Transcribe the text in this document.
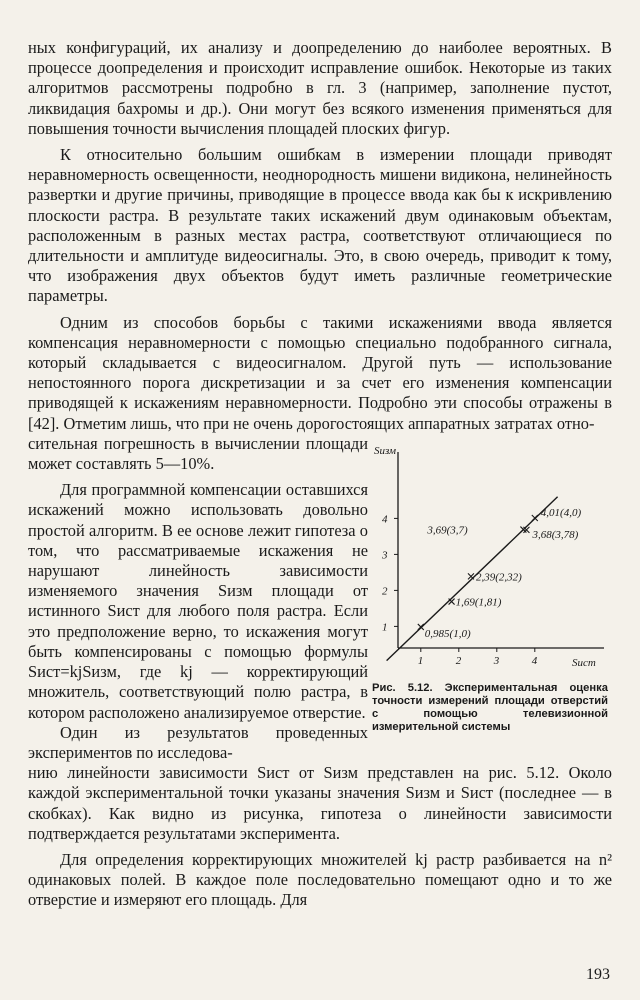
ных конфигураций, их анализу и доопределению до наиболее вероятных. В процессе доопределения и происходит исправление ошибок. Некоторые из таких алгоритмов рассмотрены подробно в гл. 3 (например, заполнение пустот, ликвидация бахромы и др.). Они могут без всякого изменения применяться для повышения точности вычисления площадей плоских фигур.

К относительно большим ошибкам в измерении площади приводят неравномерность освещенности, неоднородность мишени видикона, нелинейность развертки и другие причины, приводящие в процессе ввода как бы к искривлению плоскости растра. В результате таких искажений двум одинаковым объектам, расположенным в разных местах растра, соответствуют отличающиеся по длительности и амплитуде видеосигналы. Это, в свою очередь, приводит к тому, что изображения двух объектов будут иметь различные геометрические параметры.

Одним из способов борьбы с такими искажениями ввода является компенсация неравномерности с помощью специально подобранного сигнала, который складывается с видеосигналом. Другой путь — использование непостоянного порога дискретизации и за счет его изменения компенсации приводящей к искажениям неравномерности. Подробно эти способы отражены в [42]. Отметим лишь, что при не очень дорогостоящих аппаратных затратах отно-

сительная погрешность в вычислении площади может составлять 5—10%.

Для программной компенсации оставшихся искажений можно использовать довольно простой алгоритм. В ее основе лежит гипотеза о том, что рассматриваемые искажения не нарушают линейность зависимости изменяемого значения Sизм площади от истинного Sист для любого поля растра. Если это предположение верно, то искажения могут быть компенсированы с помощью формулы Sист=kjSизм, где kj — корректирующий множитель, соответствующий полю растра, в котором расположено анализируемое отверстие.

Один из результатов проведенных экспериментов по исследова-

Sизм
Sист
1	2	3	4
1
2
3
4
0,985(1,0)
1,69(1,81)
2,39(2,32)
3,69(3,7)	3,68(3,78)
4,01(4,0)
Рис. 5.12. Экспериментальная оценка точности измерений площади отверстий с помощью телевизионной измерительной системы

нию линейности зависимости Sист от Sизм представлен на рис. 5.12. Около каждой экспериментальной точки указаны значения Sизм и Sист (последнее — в скобках). Как видно из рисунка, гипотеза о линейности зависимости подтверждается результатами эксперимента.

Для определения корректирующих множителей kj растр разбивается на n² одинаковых полей. В каждое поле последовательно помещают одно и то же отверстие и измеряют его площадь. Для

193
